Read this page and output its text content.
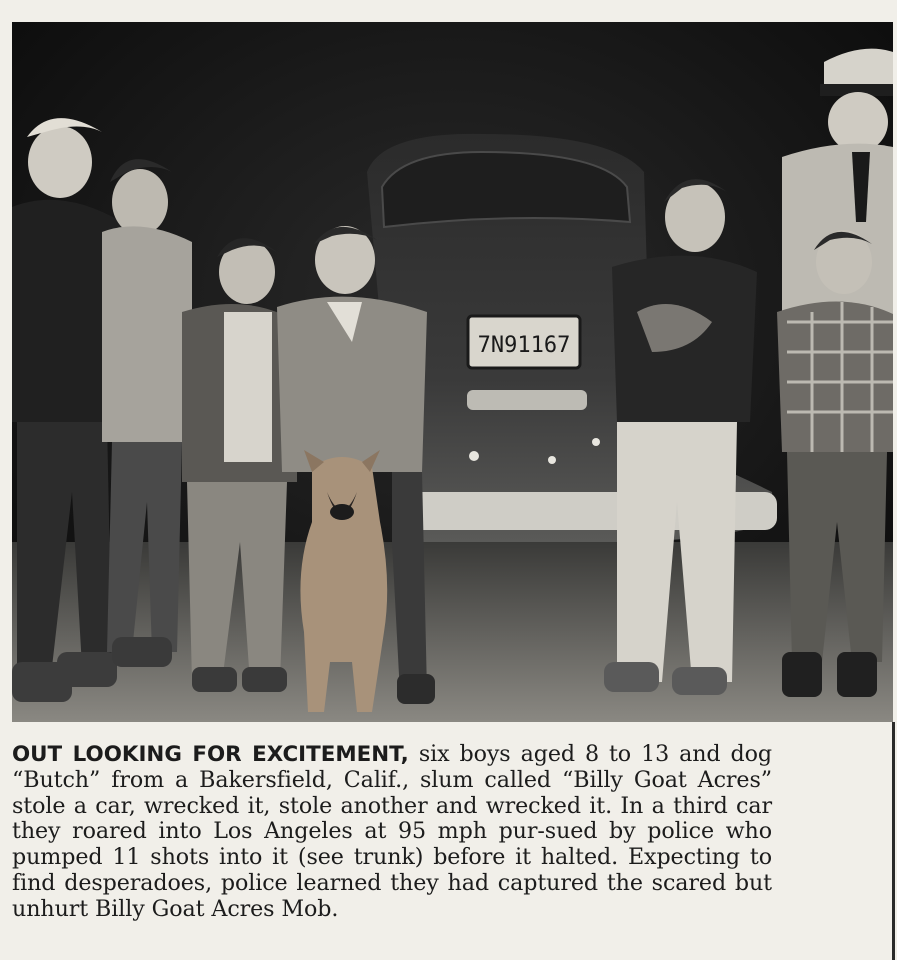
7N91167
OUT LOOKING FOR EXCITEMENT, six boys aged 8 to 13 and dog “Butch” from a Bakersfield, Calif., slum called “Billy Goat Acres” stole a car, wrecked it, stole another and wrecked it. In a third car they roared into Los Angeles at 95 mph pur-sued by police who pumped 11 shots into it (see trunk) before it halted. Expecting to find desperadoes, police learned they had captured the scared but unhurt Billy Goat Acres Mob.
